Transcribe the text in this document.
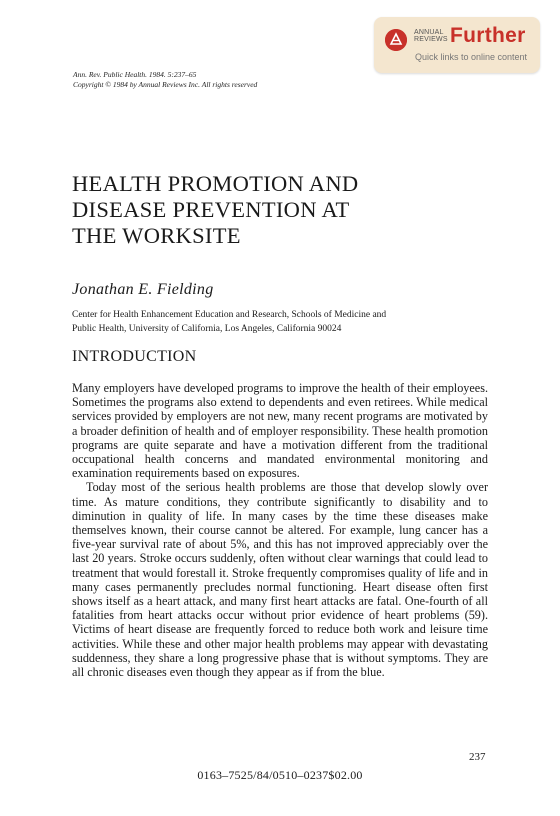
ANNUAL
REVIEWS Further
Quick links to online content
Ann. Rev. Public Health. 1984. 5:237–65
Copyright © 1984 by Annual Reviews Inc. All rights reserved
HEALTH PROMOTION AND
DISEASE PREVENTION AT
THE WORKSITE
Jonathan E. Fielding
Center for Health Enhancement Education and Research, Schools of Medicine and
Public Health, University of California, Los Angeles, California 90024
INTRODUCTION

Many employers have developed programs to improve the health of their employees. Sometimes the programs also extend to dependents and even retirees. While medical services provided by employers are not new, many recent programs are motivated by a broader definition of health and of employer responsibility. These health promotion programs are quite separate and have a motivation different from the traditional occupational health concerns and mandated environmental monitoring and examination requirements based on exposures.

Today most of the serious health problems are those that develop slowly over time. As mature conditions, they contribute significantly to disability and to diminution in quality of life. In many cases by the time these diseases make themselves known, their course cannot be altered. For example, lung cancer has a five-year survival rate of about 5%, and this has not improved appreciably over the last 20 years. Stroke occurs suddenly, often without clear warnings that could lead to treatment that would forestall it. Stroke frequently compromises quality of life and in many cases permanently precludes normal functioning. Heart disease often first shows itself as a heart attack, and many first heart attacks are fatal. One-fourth of all fatalities from heart attacks occur without prior evidence of heart problems (59). Victims of heart disease are frequently forced to reduce both work and leisure time activities. While these and other major health problems may appear with devastating suddenness, they share a long progressive phase that is without symptoms. They are all chronic diseases even though they appear as if from the blue.

237
0163–7525/84/0510–0237$02.00
